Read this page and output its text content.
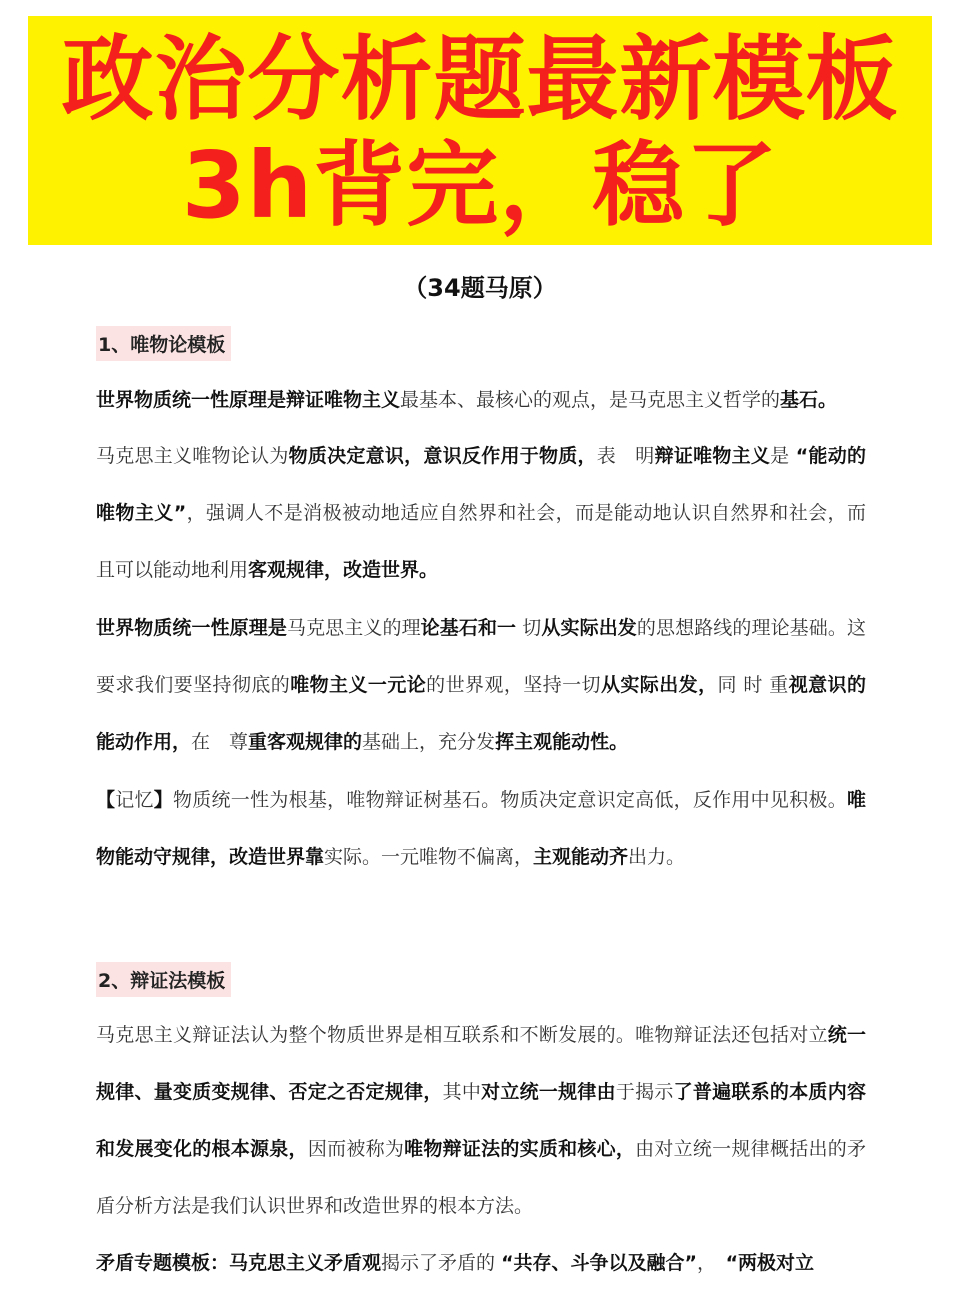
政治分析题最新模板
3h背完，稳了
（34题马原）
1、唯物论模板

世界物质统一性原理是辩证唯物主义最基本、最核心的观点，是马克思主义哲学的基石。

马克思主义唯物论认为物质决定意识，意识反作用于物质，表　明辩证唯物主义是 “能动的唯物主义”，强调人不是消极被动地适应自然界和社会，而是能动地认识自然界和社会，而且可以能动地利用客观规律，改造世界。

世界物质统一性原理是马克思主义的理论基石和一 切从实际出发的思想路线的理论基础。这要求我们要坚持彻底的唯物主义一元论的世界观，坚持一切从实际出发，同 时 重视意识的能动作用，在　尊重客观规律的基础上，充分发挥主观能动性。

【记忆】物质统一性为根基，唯物辩证树基石。物质决定意识定高低，反作用中见积极。唯物能动守规律，改造世界靠实际。一元唯物不偏离，主观能动齐出力。

2、辩证法模板

马克思主义辩证法认为整个物质世界是相互联系和不断发展的。唯物辩证法还包括对立统一规律、量变质变规律、否定之否定规律，其中对立统一规律由于揭示了普遍联系的本质内容和发展变化的根本源泉，因而被称为唯物辩证法的实质和核心，由对立统一规律概括出的矛盾分析方法是我们认识世界和改造世界的根本方法。

矛盾专题模板：马克思主义矛盾观揭示了矛盾的 “共存、斗争以及融合”，　“两极对立
